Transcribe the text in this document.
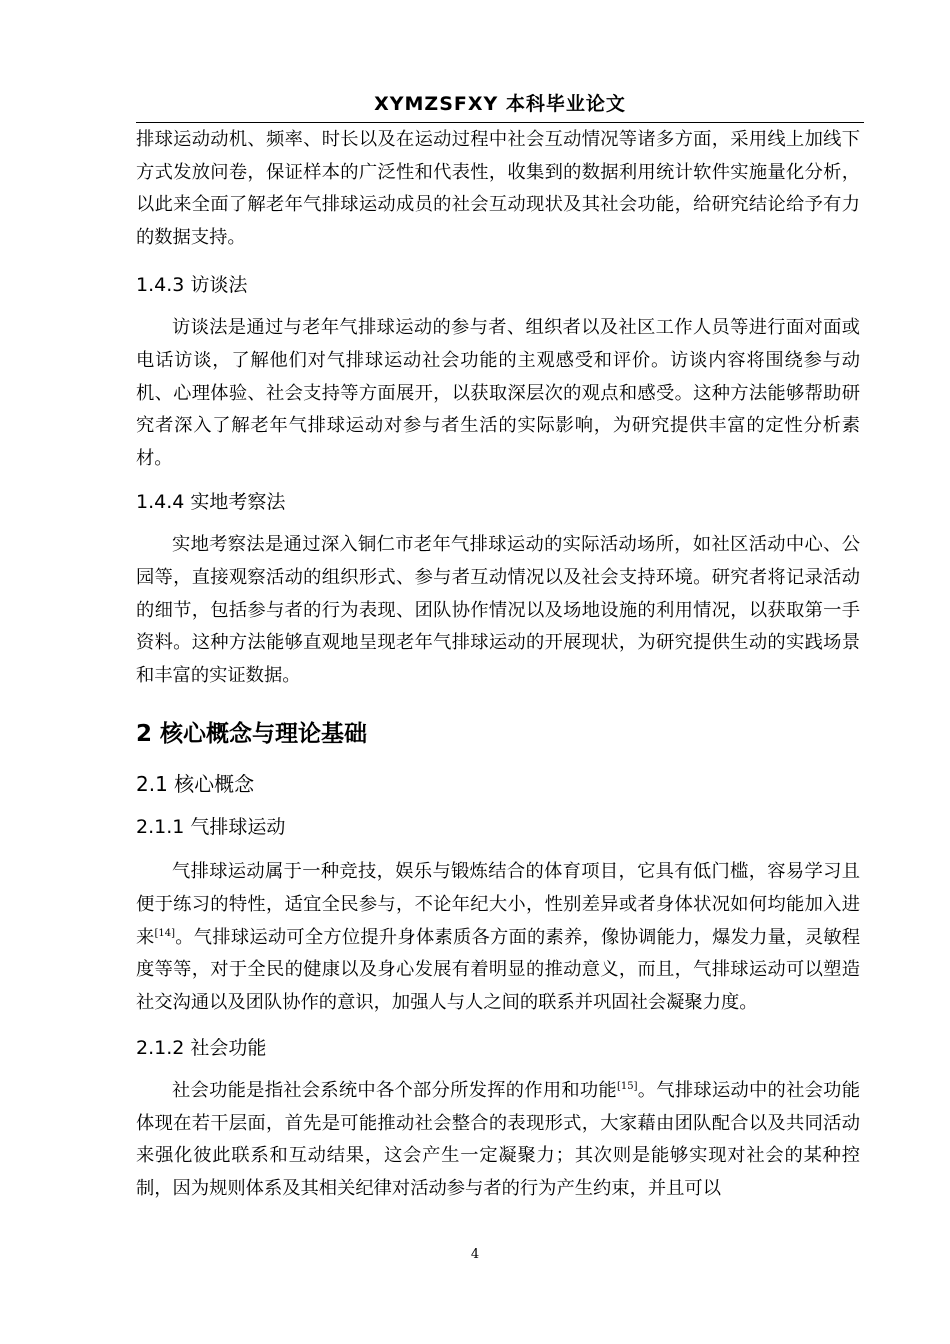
XYMZSFXY 本科毕业论文

排球运动动机、频率、时长以及在运动过程中社会互动情况等诸多方面，采用线上加线下方式发放问卷，保证样本的广泛性和代表性，收集到的数据利用统计软件实施量化分析，以此来全面了解老年气排球运动成员的社会互动现状及其社会功能，给研究结论给予有力的数据支持。

1.4.3 访谈法

访谈法是通过与老年气排球运动的参与者、组织者以及社区工作人员等进行面对面或电话访谈，了解他们对气排球运动社会功能的主观感受和评价。访谈内容将围绕参与动机、心理体验、社会支持等方面展开，以获取深层次的观点和感受。这种方法能够帮助研究者深入了解老年气排球运动对参与者生活的实际影响，为研究提供丰富的定性分析素材。

1.4.4 实地考察法

实地考察法是通过深入铜仁市老年气排球运动的实际活动场所，如社区活动中心、公园等，直接观察活动的组织形式、参与者互动情况以及社会支持环境。研究者将记录活动的细节，包括参与者的行为表现、团队协作情况以及场地设施的利用情况，以获取第一手资料。这种方法能够直观地呈现老年气排球运动的开展现状，为研究提供生动的实践场景和丰富的实证数据。

2 核心概念与理论基础
2.1 核心概念
2.1.1 气排球运动

气排球运动属于一种竞技，娱乐与锻炼结合的体育项目，它具有低门槛，容易学习且便于练习的特性，适宜全民参与，不论年纪大小，性别差异或者身体状况如何均能加入进来[14]。气排球运动可全方位提升身体素质各方面的素养，像协调能力，爆发力量，灵敏程度等等，对于全民的健康以及身心发展有着明显的推动意义，而且，气排球运动可以塑造社交沟通以及团队协作的意识，加强人与人之间的联系并巩固社会凝聚力度。

2.1.2 社会功能

社会功能是指社会系统中各个部分所发挥的作用和功能[15]。气排球运动中的社会功能体现在若干层面，首先是可能推动社会整合的表现形式，大家藉由团队配合以及共同活动来强化彼此联系和互动结果，这会产生一定凝聚力；其次则是能够实现对社会的某种控制，因为规则体系及其相关纪律对活动参与者的行为产生约束，并且可以

4
